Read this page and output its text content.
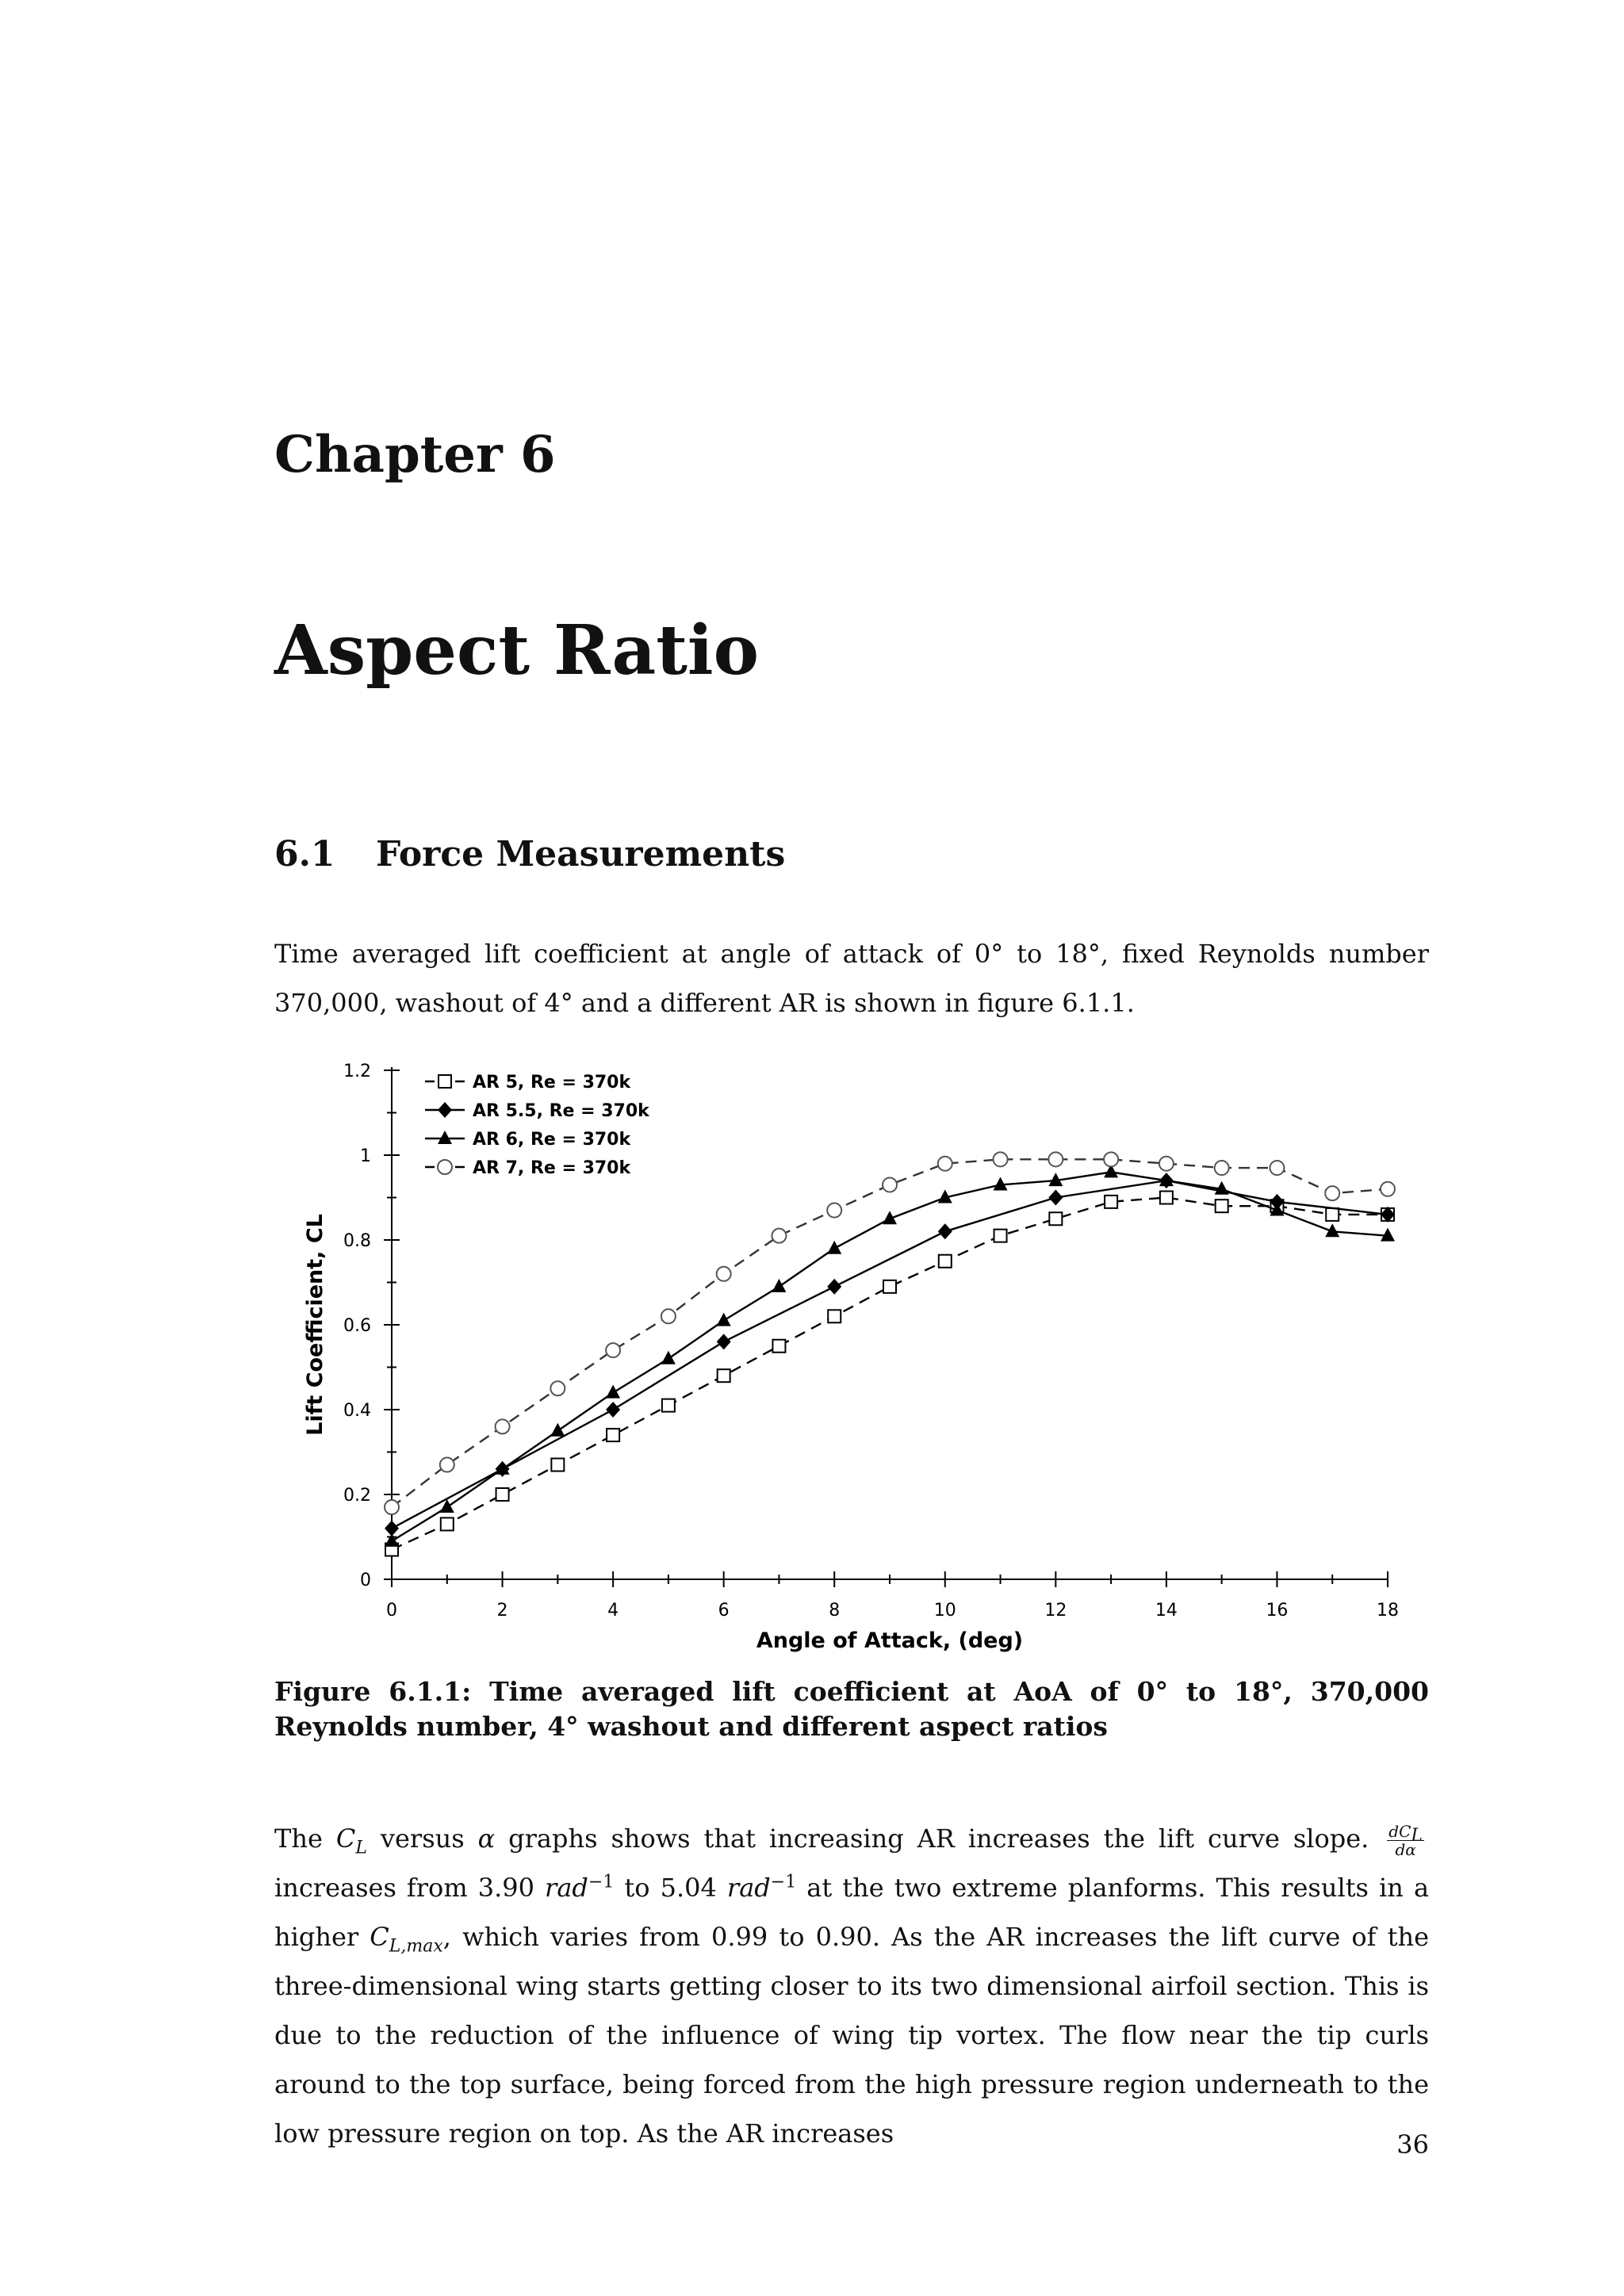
Chapter 6
Aspect Ratio
6.1 Force Measurements
Time averaged lift coefficient at angle of attack of 0° to 18°, fixed Reynolds number 370,000, washout of 4° and a different AR is shown in figure 6.1.1.
0	2	4	6	8	10	12	14	16	18
0
0.2
0.4
0.6
0.8
1
1.2
Angle of Attack, (deg)
Lift Coefficient, CL
AR 5, Re = 370k
AR 5.5, Re = 370k
AR 6, Re = 370k
AR 7, Re = 370k
Figure 6.1.1: Time averaged lift coefficient at AoA of 0° to 18°, 370,000 Reynolds number, 4° washout and different aspect ratios
The $C_L$ versus α graphs shows that increasing AR increases the lift curve slope. $\frac{dC_L}{d\alpha}$
increases from 3.90 rad$^{-1}$ to 5.04 rad$^{-1}$ at the two extreme planforms. This results in a higher $C_{L,max}$, which varies from 0.99 to 0.90. As the AR increases the lift curve of the three-dimensional wing starts getting closer to its two dimensional airfoil section. This is due to the reduction of the influence of wing tip vortex. The flow near the tip curls around to the top surface, being forced from the high pressure region underneath to the low pressure region on top. As the AR increases	36
